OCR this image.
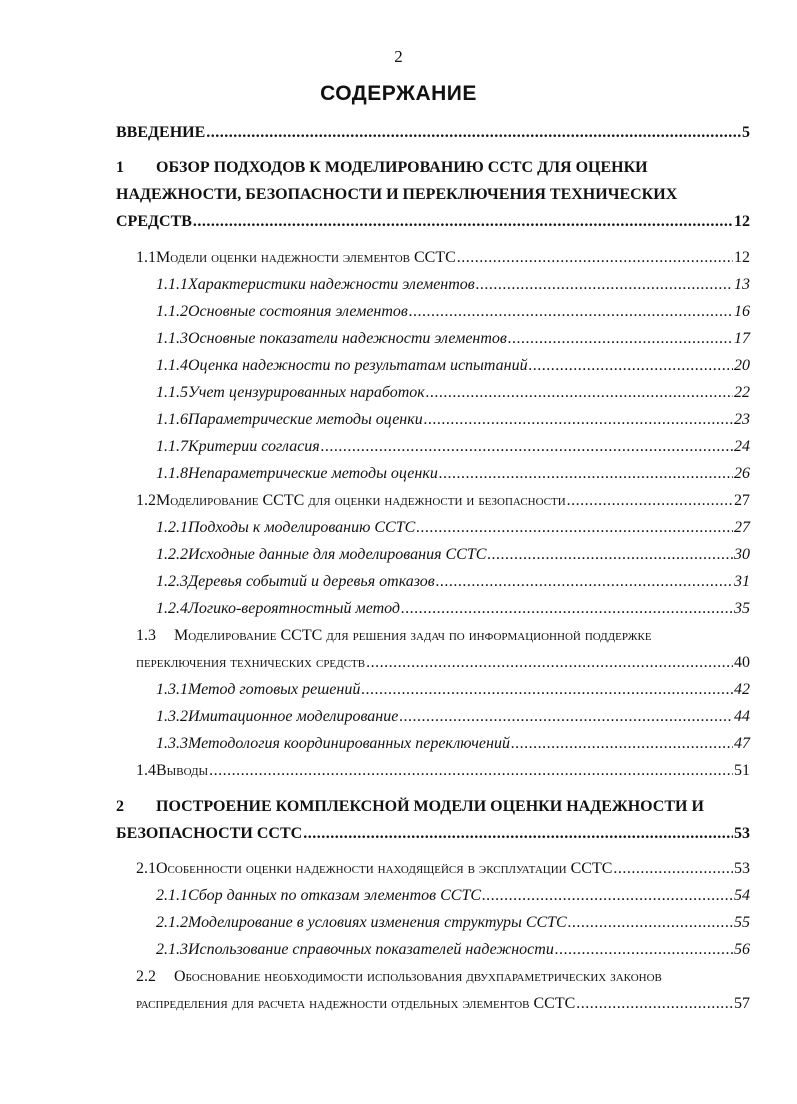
2
СОДЕРЖАНИЕ
ВВЕДЕНИЕ .....	5
1	ОБЗОР ПОДХОДОВ К МОДЕЛИРОВАНИЮ ССТС ДЛЯ ОЦЕНКИ
НАДЕЖНОСТИ, БЕЗОПАСНОСТИ И ПЕРЕКЛЮЧЕНИЯ ТЕХНИЧЕСКИХ
СРЕДСТВ .....	12
1.1 Модели оценки надежности элементов ССТС .....	12
1.1.1 Характеристики надежности элементов .....	13
1.1.2 Основные состояния элементов .....	16
1.1.3 Основные показатели надежности элементов .....	17
1.1.4 Оценка надежности по результатам испытаний .....	20
1.1.5 Учет цензурированных наработок .....	22
1.1.6 Параметрические методы оценки .....	23
1.1.7 Критерии согласия .....	24
1.1.8 Непараметрические методы оценки .....	26
1.2 Моделирование ССТС для оценки надежности и безопасности .....	27
1.2.1 Подходы к моделированию ССТС .....	27
1.2.2 Исходные данные для моделирования ССТС .....	30
1.2.3 Деревья событий и деревья отказов .....	31
1.2.4 Логико-вероятностный метод .....	35
1.3	Моделирование ССТС для решения задач по информационной поддержке
переключения технических средств .....	40
1.3.1 Метод готовых решений .....	42
1.3.2 Имитационное моделирование .....	44
1.3.3 Методология координированных переключений .....	47
1.4 Выводы .....	51
2	ПОСТРОЕНИЕ КОМПЛЕКСНОЙ МОДЕЛИ ОЦЕНКИ НАДЕЖНОСТИ И
БЕЗОПАСНОСТИ ССТС .....	53
2.1 Особенности оценки надежности находящейся в эксплуатации ССТС .....	53
2.1.1 Сбор данных по отказам элементов ССТС .....	54
2.1.2 Моделирование в условиях изменения структуры ССТС .....	55
2.1.3 Использование справочных показателей надежности .....	56
2.2	Обоснование необходимости использования двухпараметрических законов
распределения для расчета надежности отдельных элементов ССТС .....	57
